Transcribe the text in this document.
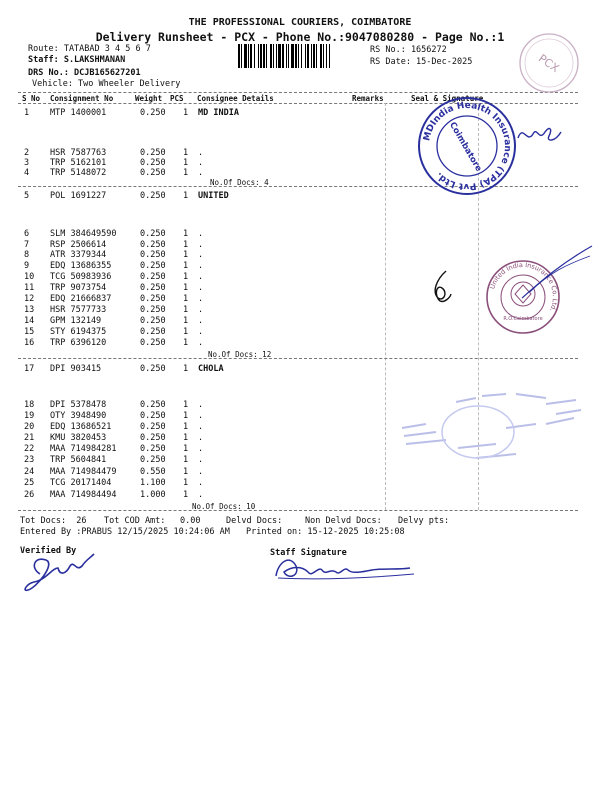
THE PROFESSIONAL COURIERS, COIMBATORE
Delivery Runsheet - PCX - Phone No.:9047080280 - Page No.:1
Route: TATABAD 3 4 5 6 7
Staff: S.LAKSHMANAN
DRS No.: DCJB165627201
Vehicle: Two Wheeler Delivery
RS No.: 1656272
RS Date: 15-Dec-2025
S No Consignment No	Weight PCS Consignee Details	Remarks	Seal & Signature
1 MTP 1400001	0.250 1 MD INDIA
2 HSR 7587763	0.250 1 .
3 TRP 5162101	0.250 1 .
4 TRP 5148072	0.250 1 .
No.Of Docs: 4
5 POL 1691227	0.250 1 UNITED
6 SLM 384649590	0.250 1 .
7 RSP 2506614	0.250 1 .
8 ATR 3379344	0.250 1 .
9 EDQ 13686355	0.250 1 .
10 TCG 50983936	0.250 1 .
11 TRP 9073754	0.250 1 .
12 EDQ 21666837	0.250 1 .
13 HSR 7577733	0.250 1 .
14 GPM 132149	0.250 1 .
15 STY 6194375	0.250 1 .
16 TRP 6396120	0.250 1 .
No.Of Docs: 12
17 DPI 903415	0.250 1 CHOLA
18 DPI 5378478	0.250 1 .
19 OTY 3948490	0.250 1 .
20 EDQ 13686521	0.250 1 .
21 KMU 3820453	0.250 1 .
22 MAA 714984281	0.250 1 .
23 TRP 5604841	0.250 1 .
24 MAA 714984479	0.550 1 .
25 TCG 20171404	1.100 1 .
26 MAA 714984494	1.000 1 .
No.Of Docs: 10
Tot Docs:  26 Tot COD Amt: 0.00	Delvd Docs:	Non Delvd Docs: Delvy pts:
Entered By :PRABUS 12/15/2025 10:24:06 AM Printed on: 15-12-2025 10:25:08
Verified By	Staff Signature
PCX
MDIndia Health Insurance (TPA) Pvt Ltd.
Coimbatore
United India Insurance Co. Ltd.
R.O.Coimbatore
